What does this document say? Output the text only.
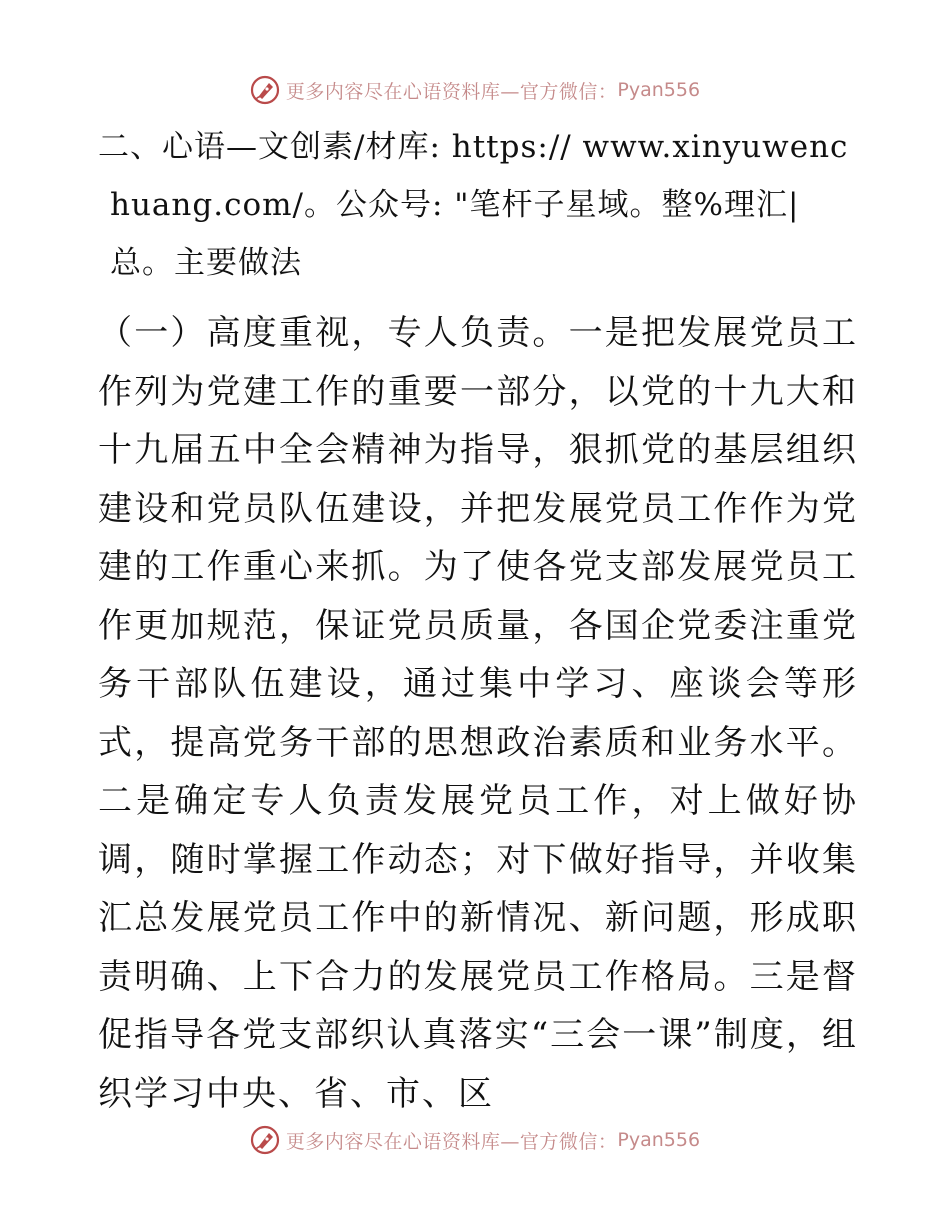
更多内容尽在心语资料库—官方微信： Pyan556

二、心语—文创素/材库: https:// www.xinyuwenchuang.com/。公众号: "笔杆子星域。整%理汇|总。主要做法

（一）高度重视，专人负责。一是把发展党员工作列为党建工作的重要一部分，以党的十九大和十九届五中全会精神为指导，狠抓党的基层组织建设和党员队伍建设，并把发展党员工作作为党建的工作重心来抓。为了使各党支部发展党员工作更加规范，保证党员质量，各国企党委注重党务干部队伍建设，通过集中学习、座谈会等形式，提高党务干部的思想政治素质和业务水平。二是确定专人负责发展党员工作，对上做好协调，随时掌握工作动态；对下做好指导，并收集汇总发展党员工作中的新情况、新问题，形成职责明确、上下合力的发展党员工作格局。三是督促指导各党支部织认真落实“三会一课”制度，组织学习中央、省、市、区

更多内容尽在心语资料库—官方微信： Pyan556
